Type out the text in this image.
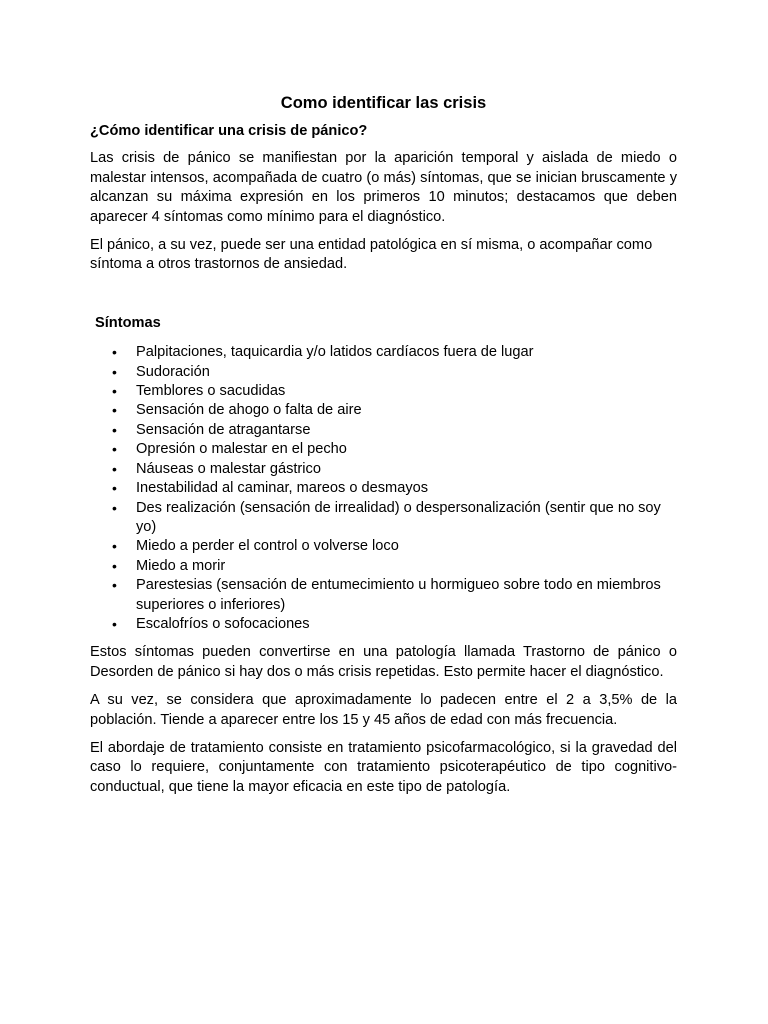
Como identificar las crisis
¿Cómo identificar una crisis de pánico?

Las crisis de pánico se manifiestan por la aparición temporal y aislada de miedo o malestar intensos, acompañada de cuatro (o más) síntomas, que se inician bruscamente y alcanzan su máxima expresión en los primeros 10 minutos; destacamos que deben aparecer 4 síntomas como mínimo para el diagnóstico.

El pánico, a su vez, puede ser una entidad patológica en sí misma, o acompañar como síntoma a otros trastornos de ansiedad.

Síntomas
• Palpitaciones, taquicardia y/o latidos cardíacos fuera de lugar
• Sudoración
• Temblores o sacudidas
• Sensación de ahogo o falta de aire
• Sensación de atragantarse
• Opresión o malestar en el pecho
• Náuseas o malestar gástrico
• Inestabilidad al caminar, mareos o desmayos
• Des realización (sensación de irrealidad) o despersonalización (sentir que no soy yo)
• Miedo a perder el control o volverse loco
• Miedo a morir
• Parestesias (sensación de entumecimiento u hormigueo sobre todo en miembros superiores o inferiores)
• Escalofríos o sofocaciones

Estos síntomas pueden convertirse en una patología llamada Trastorno de pánico o Desorden de pánico si hay dos o más crisis repetidas. Esto permite hacer el diagnóstico.

A su vez, se considera que aproximadamente lo padecen entre el 2 a 3,5% de la población. Tiende a aparecer entre los 15 y 45 años de edad con más frecuencia.

El abordaje de tratamiento consiste en tratamiento psicofarmacológico, si la gravedad del caso lo requiere, conjuntamente con tratamiento psicoterapéutico de tipo cognitivo-conductual, que tiene la mayor eficacia en este tipo de patología.
